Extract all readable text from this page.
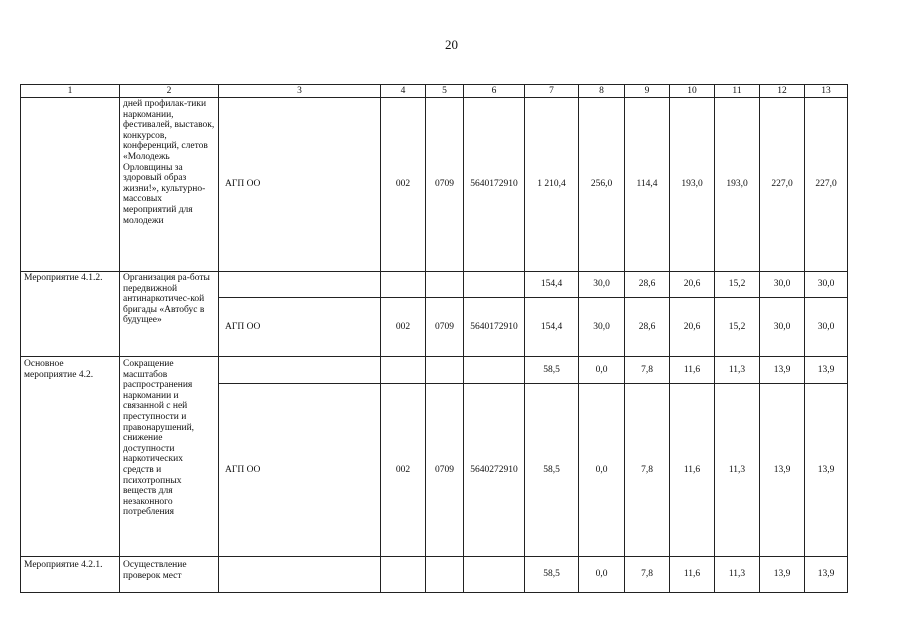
20
1	2	3	4	5	6	7	8	9	10	11	12	13
	дней профилак-тики наркомании, фестивалей, выставок, конкурсов, конференций, слетов «Молодежь Орловщины за здоровый образ жизни!», культурно-массовых мероприятий для молодежи	АГП ОО	002	0709	5640172910	1 210,4	256,0	114,4	193,0	193,0	227,0	227,0
Мероприятие 4.1.2.	Организация ра-боты передвижной антинаркотичес-кой бригады «Автобус в будущее»					154,4	30,0	28,6	20,6	15,2	30,0	30,0
		АГП ОО	002	0709	5640172910	154,4	30,0	28,6	20,6	15,2	30,0	30,0
Основное мероприятие 4.2.	Сокращение масштабов распространения наркомании и связанной с ней преступности и правонарушений, снижение доступности наркотических средств и психотропных веществ для незаконного потребления					58,5	0,0	7,8	11,6	11,3	13,9	13,9
		АГП ОО	002	0709	5640272910	58,5	0,0	7,8	11,6	11,3	13,9	13,9
Мероприятие 4.2.1.	Осуществление проверок мест					58,5	0,0	7,8	11,6	11,3	13,9	13,9
